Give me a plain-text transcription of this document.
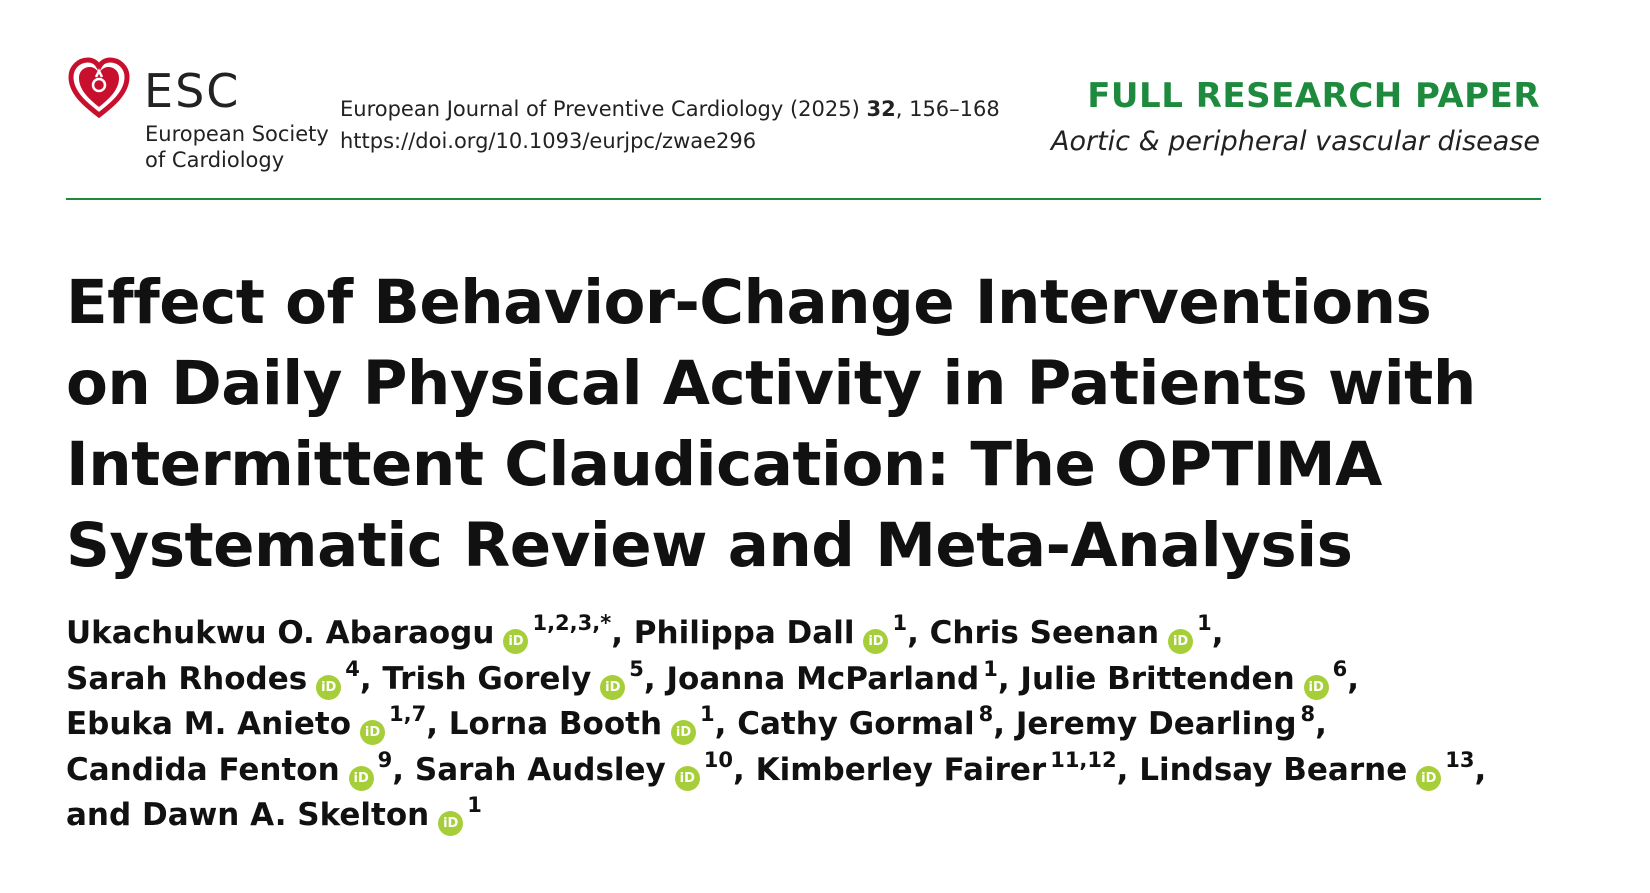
ESC
European Society
of Cardiology
European Journal of Preventive Cardiology (2025) 32, 156–168
https://doi.org/10.1093/eurjpc/zwae296
FULL RESEARCH PAPER
Aortic & peripheral vascular disease
Effect of Behavior-Change Interventions
on Daily Physical Activity in Patients with
Intermittent Claudication: The OPTIMA
Systematic Review and Meta-Analysis
Ukachukwu O. Abaraogu $iD^{1,2,3,*}$, Philippa Dall $iD^1$, Chris Seenan $iD^1$,
Sarah Rhodes $iD^4$, Trish Gorely $iD^5$, Joanna McParland $^1$, Julie Brittenden $iD^6$,
Ebuka M. Anieto iD$^{1,7}$, Lorna Booth $iD^1$, Cathy Gormal $^8$, Jeremy Dearling $^8$,
Candida Fenton $iD^9$, Sarah Audsley $iD^{10}$, Kimberley Fairer $^{11,12}$, Lindsay Bearne $iD^{13}$,
and Dawn A. Skelton $iD^1$
